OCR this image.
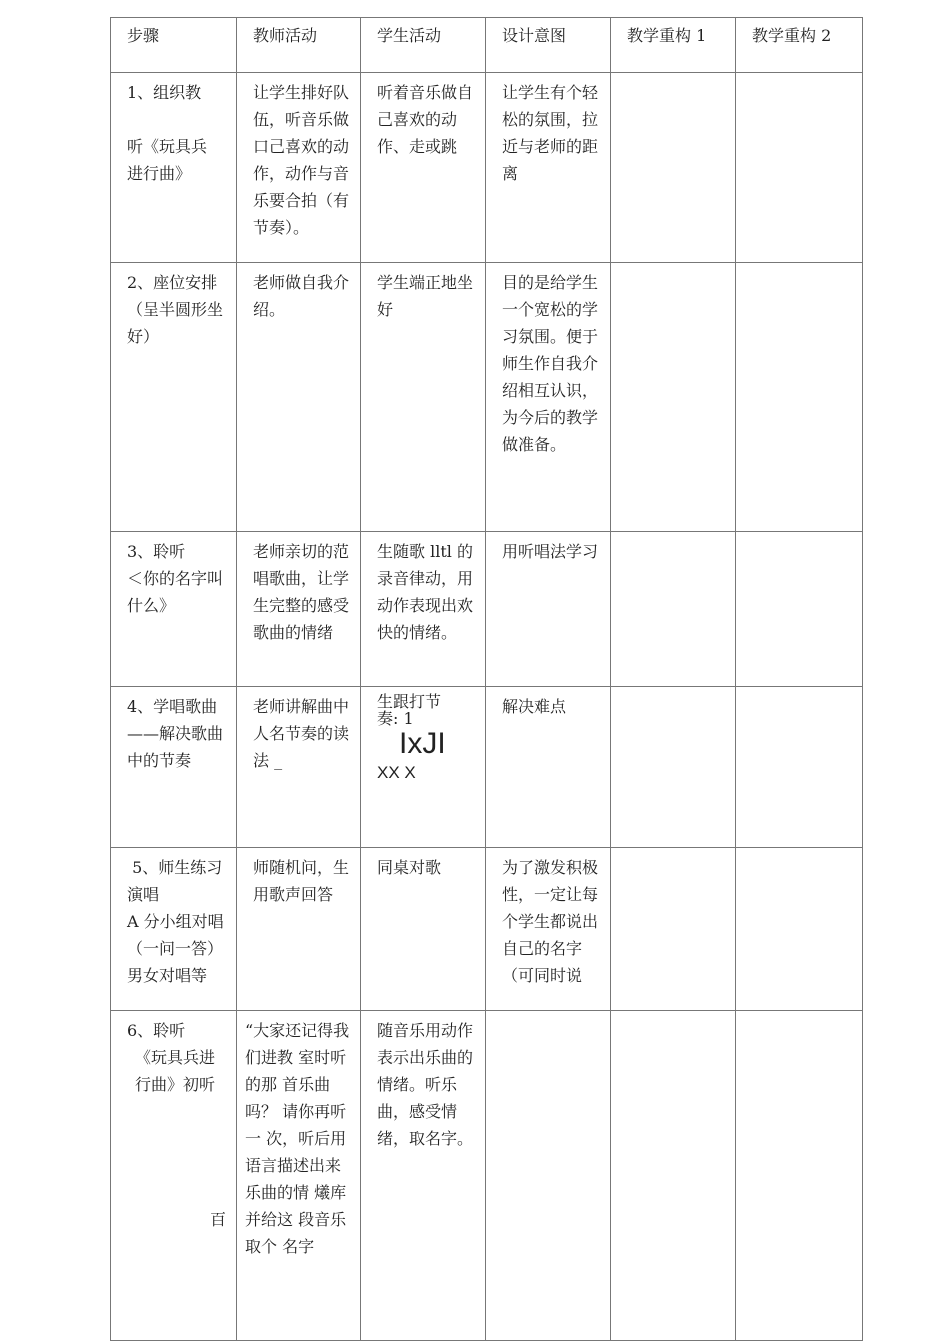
步骤	教师活动	学生活动	设计意图	教学重构 1	教学重构 2

1、组织教
听《玩具兵
进行曲》	让学生排好队伍，听音乐做口己喜欢的动作，动作与音乐要合拍（有节奏）。	听着音乐做自己喜欢的动作、走或跳	让学生有个轻松的氛围，拉近与老师的距离		
2、座位安排（呈半圆形坐好）	老师做自我介绍。	学生端正地坐好	目的是给学生一个宽松的学习氛围。便于师生作自我介绍相互认识，为今后的教学做准备。		

3、聆听
＜你的名字叫什么》	老师亲切的范唱歌曲，让学生完整的感受歌曲的情绪	生随歌 lltl 的录音律动，用动作表现出欢快的情绪。	用听唱法学习		
4、学唱歌曲——解决歌曲中的节奏	老师讲解曲中人名节奏的读法 _	生跟打节
奏: 1
IxJI
XX X	解决难点		

5、师生练习演唱
A 分小组对唱（一问一答）男女对唱等	师随机问，生用歌声回答	同桌对歌	为了激发积极性，一定让每个学生都说出自己的名字（可同时说		

6、聆听
《玩具兵进
行曲》初听
百	“大家还记得我们进教 室时听的那 首乐曲吗？ 请你再听一 次，听后用 语言描述出来乐曲的情 爔库并给这 段音乐取个 名字	随音乐用动作表示出乐曲的情绪。听乐曲，感受情绪，取名字。			
